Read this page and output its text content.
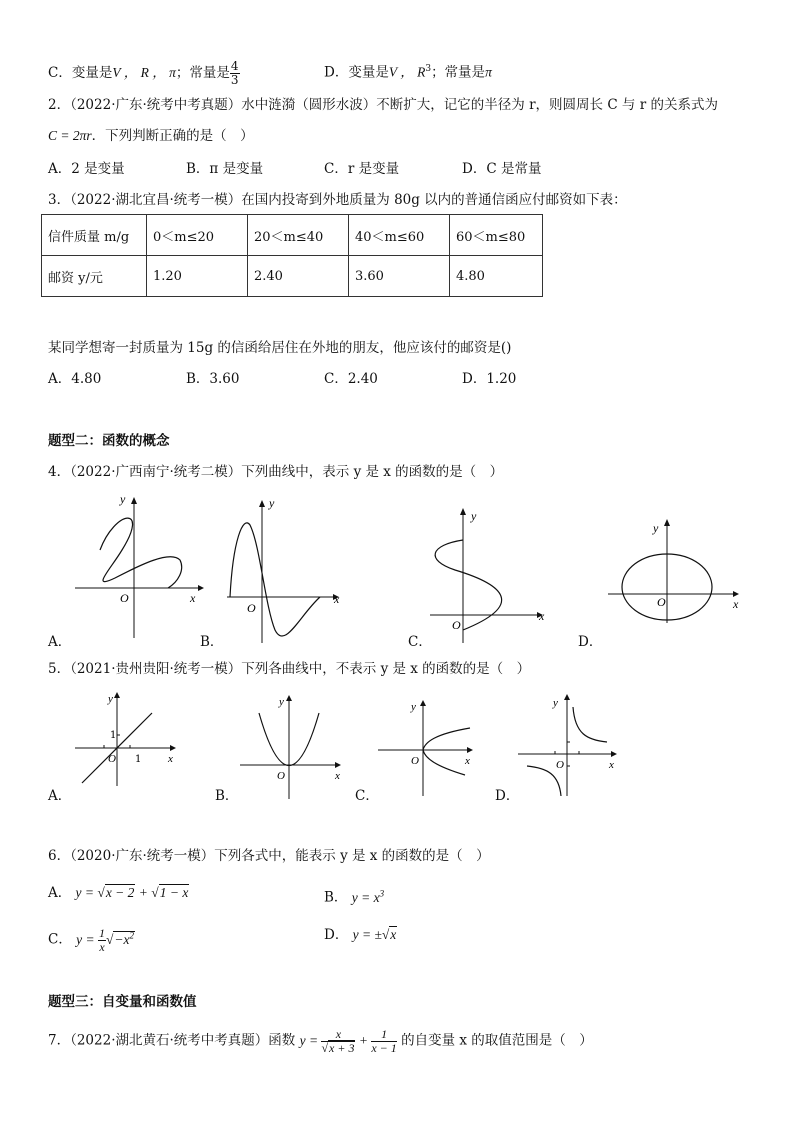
C．变量是V ， R ， π；常量是 $\frac{4}{3}$	D．变量是V ， $R^3$；常量是π
2．（2022·广东·统考中考真题）水中涟漪（圆形水波）不断扩大，记它的半径为 r，则圆周长 C 与 r 的关系式为
C = 2πr．下列判断正确的是（　）
A．2 是变量	B．π 是变量	C．r 是变量	D．C 是常量
3．（2022·湖北宜昌·统考一模）在国内投寄到外地质量为 80g 以内的普通信函应付邮资如下表：
信件质量 m/g	0＜m≤20	20＜m≤40	40＜m≤60	60＜m≤80
邮资 y/元	1.20	2.40	3.60	4.80
某同学想寄一封质量为 15g 的信函给居住在外地的朋友，他应该付的邮资是()
A．4.80	B．3.60	C．2.40	D．1.20
题型二：函数的概念
4．（2022·广西南宁·统考二模）下列曲线中，表示 y 是 x 的函数的是（　）
y
x
O
A．
y
x
O
B．
y
x
O
C．
y
x
O
D．
5．（2021·贵州贵阳·统考一模）下列各曲线中，不表示 y 是 x 的函数的是（　）
y
x
O
1
1
A．
y
x
O
B．
y
x
O
C．
y
x
O
D．
6．（2020·广东·统考一模）下列各式中，能表示 y 是 x 的函数的是（　）
A． y = √x − 2 + √1 − x	B． $y = x^3$
C． $y = \frac{1}{x} √-x^2$	D． y = ±√x
题型三：自变量和函数值
7．（2022·湖北黄石·统考中考真题）函数 $y = \frac{x}{√x + 3} + \frac{1}{x - 1}$ 的自变量 x 的取值范围是（　）
